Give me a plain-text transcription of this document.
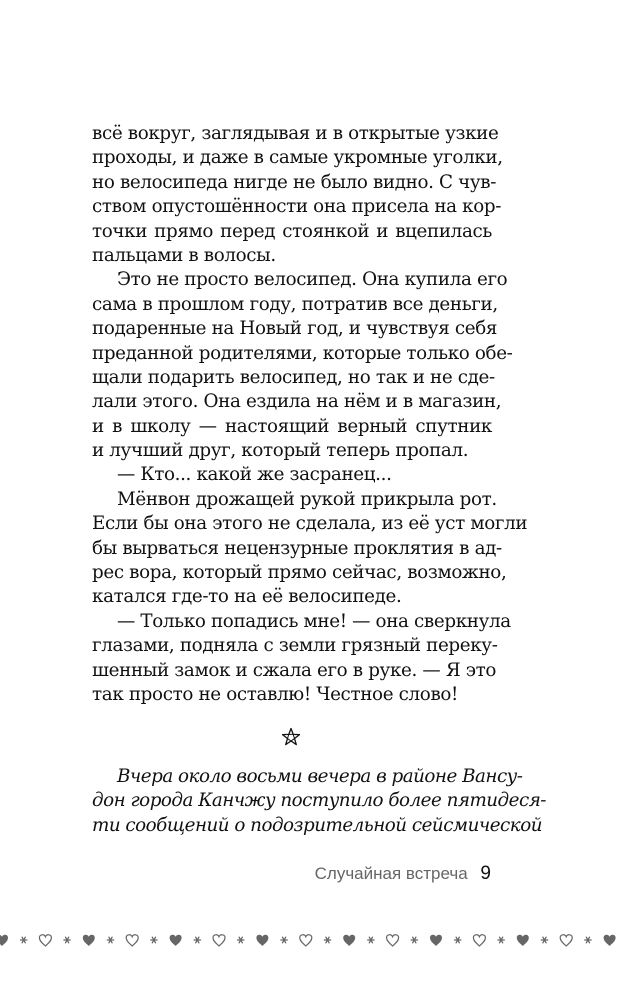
всё вокруг, заглядывая и в открытые узкие
проходы, и даже в самые укромные уголки,
но велосипеда нигде не было видно. С чув-
ством опустошённости она присела на кор-
точки прямо перед стоянкой и вцепилась
пальцами в волосы.
Это не просто велосипед. Она купила его
сама в прошлом году, потратив все деньги,
подаренные на Новый год, и чувствуя себя
преданной родителями, которые только обе-
щали подарить велосипед, но так и не сде-
лали этого. Она ездила на нём и в магазин,
и в школу — настоящий верный спутник
и лучший друг, который теперь пропал.
— Кто... какой же засранец...
Мёнвон дрожащей рукой прикрыла рот.
Если бы она этого не сделала, из её уст могли
бы вырваться нецензурные проклятия в ад-
рес вора, который прямо сейчас, возможно,
катался где-то на её велосипеде.
— Только попадись мне! — она сверкнула
глазами, подняла с земли грязный переку-
шенный замок и сжала его в руке. — Я это
так просто не оставлю! Честное слово!
Вчера около восьми вечера в районе Вансу-
дон города Канчжу поступило более пятидеся-
ти сообщений о подозрительной сейсмической
Случайная встреча 9
